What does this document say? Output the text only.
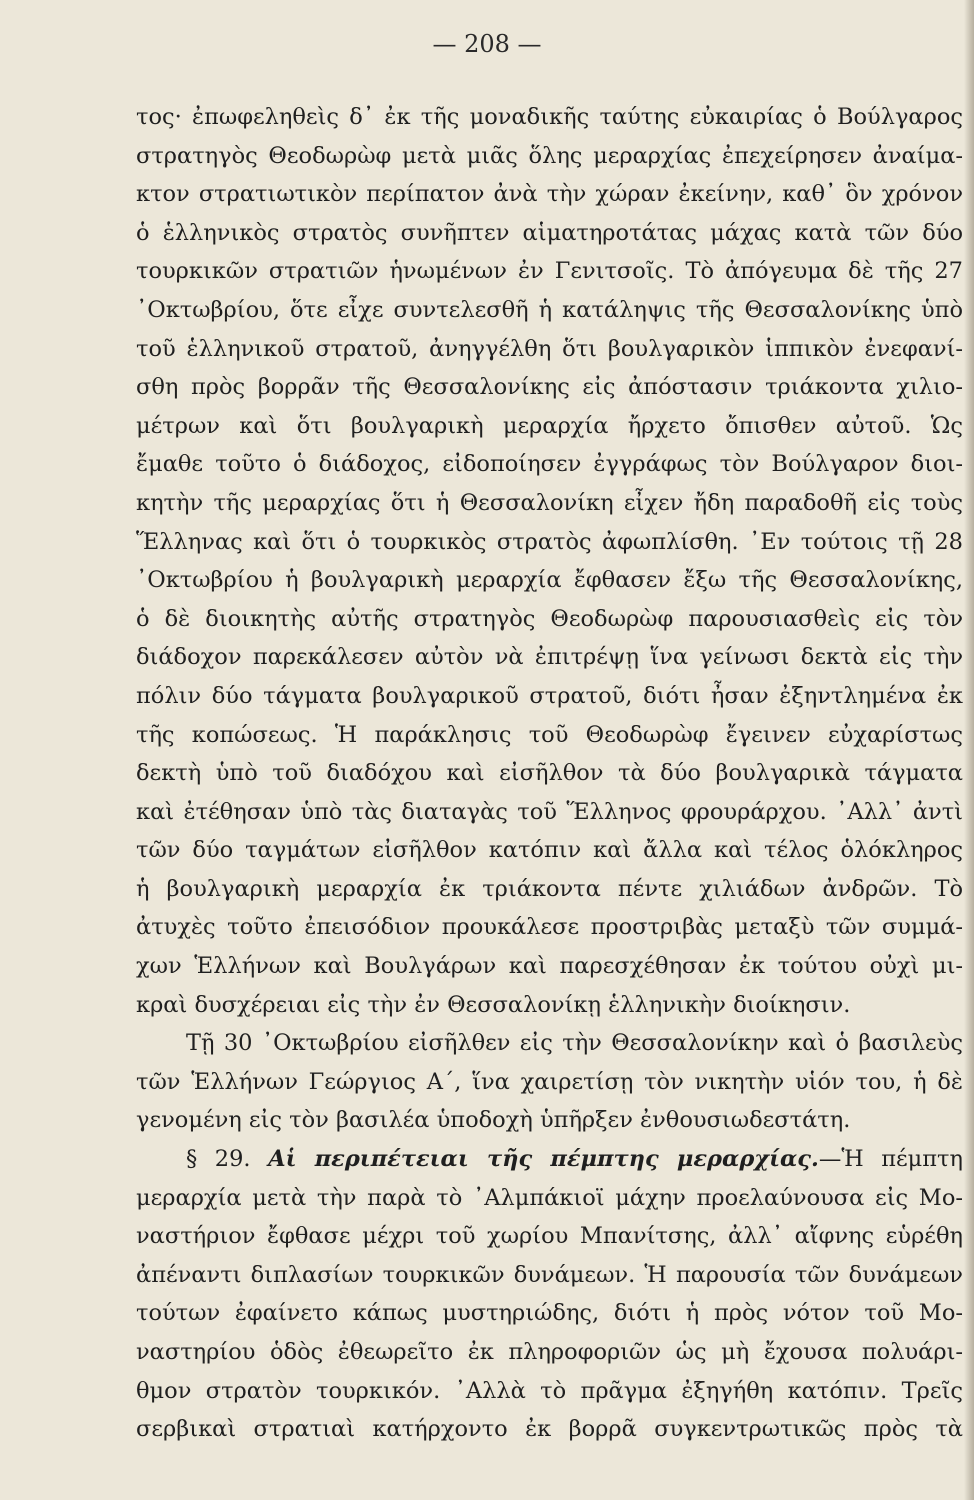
— 208 —
τος· ἐπωφεληθεὶς δ᾽ ἐκ τῆς μοναδικῆς ταύτης εὐκαιρίας ὁ Βούλγαρος
στρατηγὸς Θεοδωρὼφ μετὰ μιᾶς ὅλης μεραρχίας ἐπεχείρησεν ἀναίμα-
κτον στρατιωτικὸν περίπατον ἀνὰ τὴν χώραν ἐκείνην, καθ᾽ ὃν χρόνον
ὁ ἑλληνικὸς στρατὸς συνῆπτεν αἱματηροτάτας μάχας κατὰ τῶν δύο
τουρκικῶν στρατιῶν ἡνωμένων ἐν Γενιτσοῖς. Τὸ ἀπόγευμα δὲ τῆς 27
᾽Οκτωβρίου, ὅτε εἶχε συντελεσθῆ ἡ κατάληψις τῆς Θεσσαλονίκης ὑπὸ
τοῦ ἑλληνικοῦ στρατοῦ, ἀνηγγέλθη ὅτι βουλγαρικὸν ἱππικὸν ἐνεφανί-
σθη πρὸς βορρᾶν τῆς Θεσσαλονίκης εἰς ἀπόστασιν τριάκοντα χιλιο-
μέτρων καὶ ὅτι βουλγαρικὴ μεραρχία ἤρχετο ὄπισθεν αὐτοῦ. Ὡς
ἔμαθε τοῦτο ὁ διάδοχος, εἰδοποίησεν ἐγγράφως τὸν Βούλγαρον διοι-
κητὴν τῆς μεραρχίας ὅτι ἡ Θεσσαλονίκη εἶχεν ἤδη παραδοθῆ εἰς τοὺς
Ἕλληνας καὶ ὅτι ὁ τουρκικὸς στρατὸς ἀφωπλίσθη. ᾽Εν τούτοις τῇ 28
᾽Οκτωβρίου ἡ βουλγαρικὴ μεραρχία ἔφθασεν ἔξω τῆς Θεσσαλονίκης,
ὁ δὲ διοικητὴς αὐτῆς στρατηγὸς Θεοδωρὼφ παρουσιασθεὶς εἰς τὸν
διάδοχον παρεκάλεσεν αὐτὸν νὰ ἐπιτρέψῃ ἵνα γείνωσι δεκτὰ εἰς τὴν
πόλιν δύο τάγματα βουλγαρικοῦ στρατοῦ, διότι ἦσαν ἐξηντλημένα ἐκ
τῆς κοπώσεως. Ἡ παράκλησις τοῦ Θεοδωρὼφ ἔγεινεν εὐχαρίστως
δεκτὴ ὑπὸ τοῦ διαδόχου καὶ εἰσῆλθον τὰ δύο βουλγαρικὰ τάγματα
καὶ ἐτέθησαν ὑπὸ τὰς διαταγὰς τοῦ Ἕλληνος φρουράρχου. ᾽Αλλ᾽ ἀντὶ
τῶν δύο ταγμάτων εἰσῆλθον κατόπιν καὶ ἄλλα καὶ τέλος ὁλόκληρος
ἡ βουλγαρικὴ μεραρχία ἐκ τριάκοντα πέντε χιλιάδων ἀνδρῶν. Τὸ
ἀτυχὲς τοῦτο ἐπεισόδιον προυκάλεσε προστριβὰς μεταξὺ τῶν συμμά-
χων Ἑλλήνων καὶ Βουλγάρων καὶ παρεσχέθησαν ἐκ τούτου οὐχὶ μι-
κραὶ δυσχέρειαι εἰς τὴν ἐν Θεσσαλονίκῃ ἑλληνικὴν διοίκησιν.
Τῇ 30 ᾽Οκτωβρίου εἰσῆλθεν εἰς τὴν Θεσσαλονίκην καὶ ὁ βασιλεὺς
τῶν Ἑλλήνων Γεώργιος Α΄, ἵνα χαιρετίσῃ τὸν νικητὴν υἱόν του, ἡ δὲ
γενομένη εἰς τὸν βασιλέα ὑποδοχὴ ὑπῆρξεν ἐνθουσιωδεστάτη.
§ 29. Αἱ περιπέτειαι τῆς πέμπτης μεραρχίας.—Ἡ πέμπτη
μεραρχία μετὰ τὴν παρὰ τὸ ᾽Αλμπάκιοϊ μάχην προελαύνουσα εἰς Μο-
ναστήριον ἔφθασε μέχρι τοῦ χωρίου Μπανίτσης, ἀλλ᾽ αἴφνης εὑρέθη
ἀπέναντι διπλασίων τουρκικῶν δυνάμεων. Ἡ παρουσία τῶν δυνάμεων
τούτων ἐφαίνετο κάπως μυστηριώδης, διότι ἡ πρὸς νότον τοῦ Μο-
ναστηρίου ὁδὸς ἐθεωρεῖτο ἐκ πληροφοριῶν ὡς μὴ ἔχουσα πολυάρι-
θμον στρατὸν τουρκικόν. ᾽Αλλὰ τὸ πρᾶγμα ἐξηγήθη κατόπιν. Τρεῖς
σερβικαὶ στρατιαὶ κατήρχοντο ἐκ βορρᾶ συγκεντρωτικῶς πρὸς τὰ
